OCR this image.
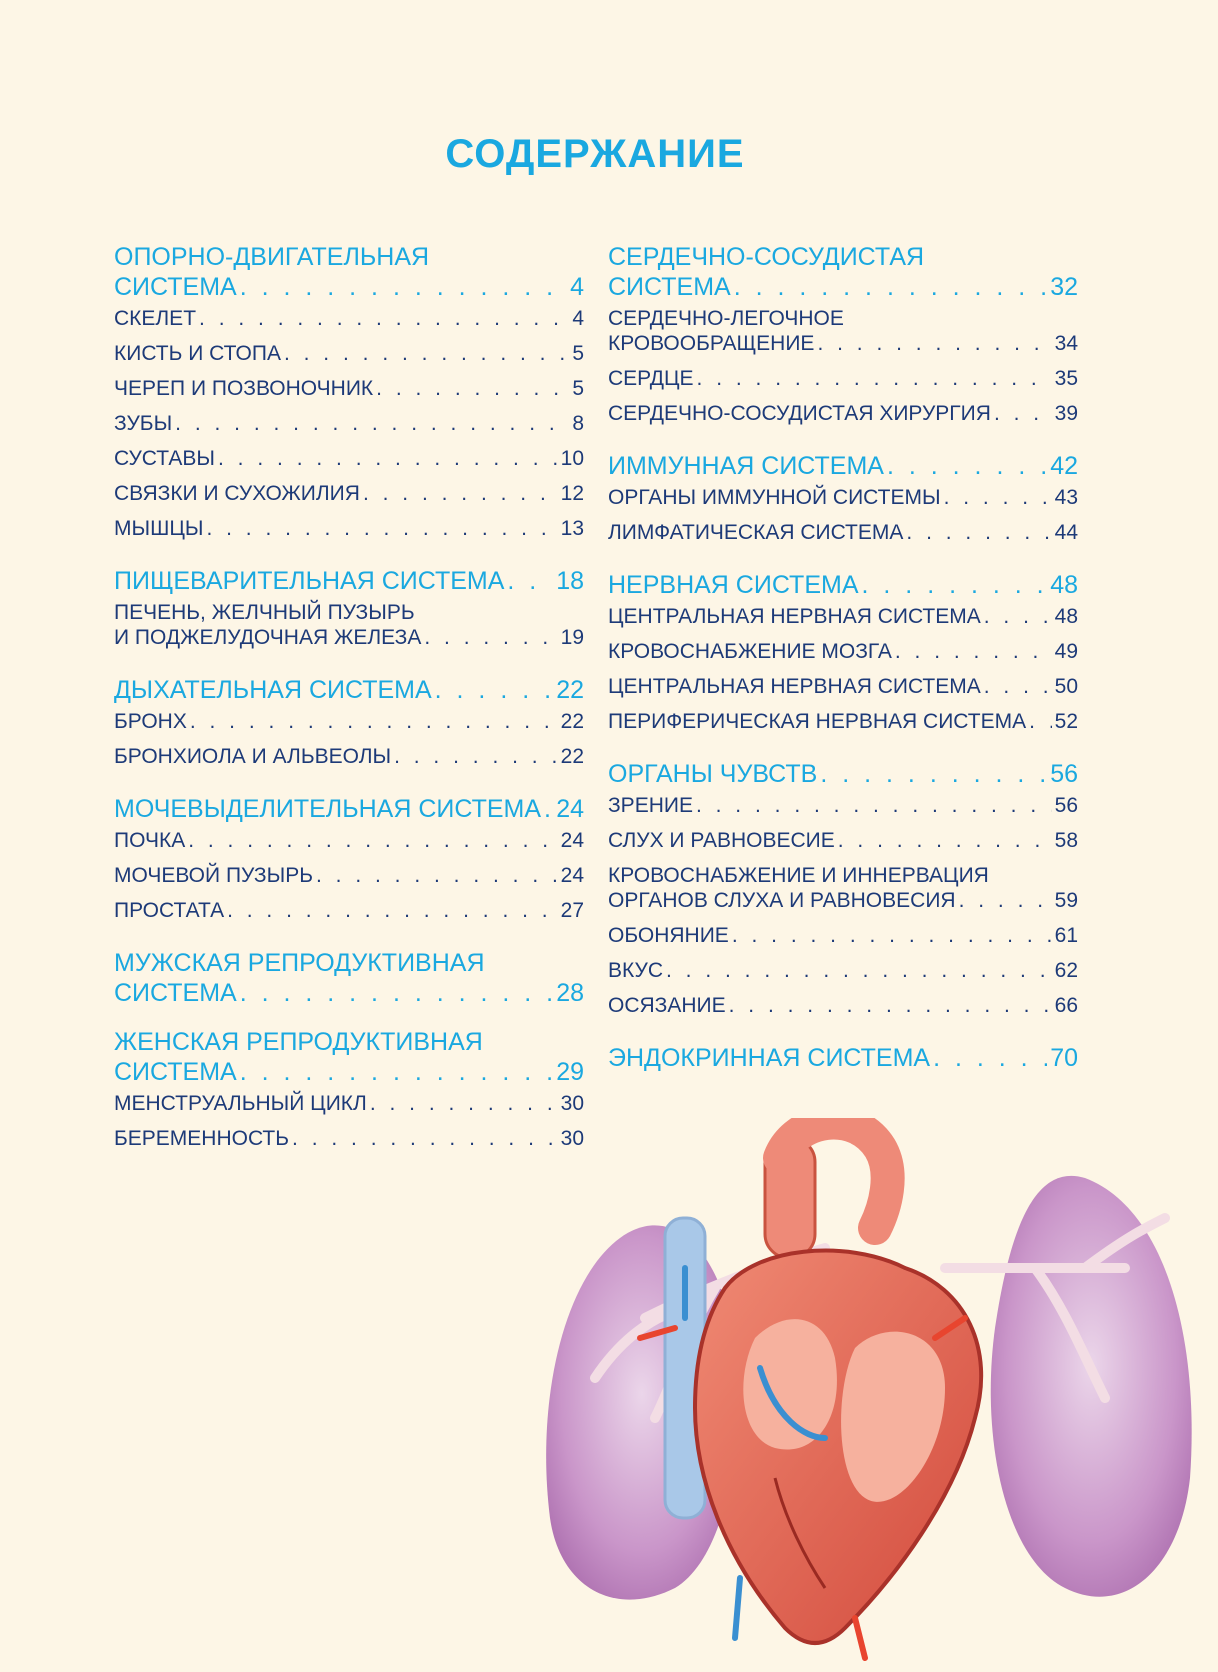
СОДЕРЖАНИЕ
ОПОРНО-ДВИГАТЕЛЬНАЯ
СИСТЕМА . . .	4
СКЕЛЕТ . . .	4
КИСТЬ И СТОПА . . .	5
ЧЕРЕП И ПОЗВОНОЧНИК . . .	5
ЗУБЫ . . .	8
СУСТАВЫ . . .	10
СВЯЗКИ И СУХОЖИЛИЯ . . .	12
МЫШЦЫ . . .	13
ПИЩЕВАРИТЕЛЬНАЯ СИСТЕМА . . . 18
ПЕЧЕНЬ, ЖЕЛЧНЫЙ ПУЗЫРЬ
И ПОДЖЕЛУДОЧНАЯ ЖЕЛЕЗА . . .	19
ДЫХАТЕЛЬНАЯ СИСТЕМА . . .	22
БРОНХ . . .	22
БРОНХИОЛА И АЛЬВЕОЛЫ . . .	22
МОЧЕВЫДЕЛИТЕЛЬНАЯ СИСТЕМА . . . 24
ПОЧКА . . .	24
МОЧЕВОЙ ПУЗЫРЬ . . .	24
ПРОСТАТА . . .	27
МУЖСКАЯ РЕПРОДУКТИВНАЯ
СИСТЕМА . . .	28
ЖЕНСКАЯ РЕПРОДУКТИВНАЯ
СИСТЕМА . . .	29
МЕНСТРУАЛЬНЫЙ ЦИКЛ . . .	30
БЕРЕМЕННОСТЬ . . .	30
СЕРДЕЧНО-СОСУДИСТАЯ
СИСТЕМА . . .	32
СЕРДЕЧНО-ЛЕГОЧНОЕ
КРОВООБРАЩЕНИЕ . . .	34
СЕРДЦЕ . . .	35
СЕРДЕЧНО-СОСУДИСТАЯ ХИРУРГИЯ . . .	39
ИММУННАЯ СИСТЕМА . . .	42
ОРГАНЫ ИММУННОЙ СИСТЕМЫ . . .	43
ЛИМФАТИЧЕСКАЯ СИСТЕМА . . .	44
НЕРВНАЯ СИСТЕМА . . .	48
ЦЕНТРАЛЬНАЯ НЕРВНАЯ СИСТЕМА . . .	48
КРОВОСНАБЖЕНИЕ МОЗГА . . .	49
ЦЕНТРАЛЬНАЯ НЕРВНАЯ СИСТЕМА . . .	50
ПЕРИФЕРИЧЕСКАЯ НЕРВНАЯ СИСТЕМА . . . 52
ОРГАНЫ ЧУВСТВ . . .	56
ЗРЕНИЕ . . .	56
СЛУХ И РАВНОВЕСИЕ . . .	58
КРОВОСНАБЖЕНИЕ И ИННЕРВАЦИЯ
ОРГАНОВ СЛУХА И РАВНОВЕСИЯ . . .	59
ОБОНЯНИЕ . . .	61
ВКУС . . .	62
ОСЯЗАНИЕ . . .	66
ЭНДОКРИННАЯ СИСТЕМА . . .	70
